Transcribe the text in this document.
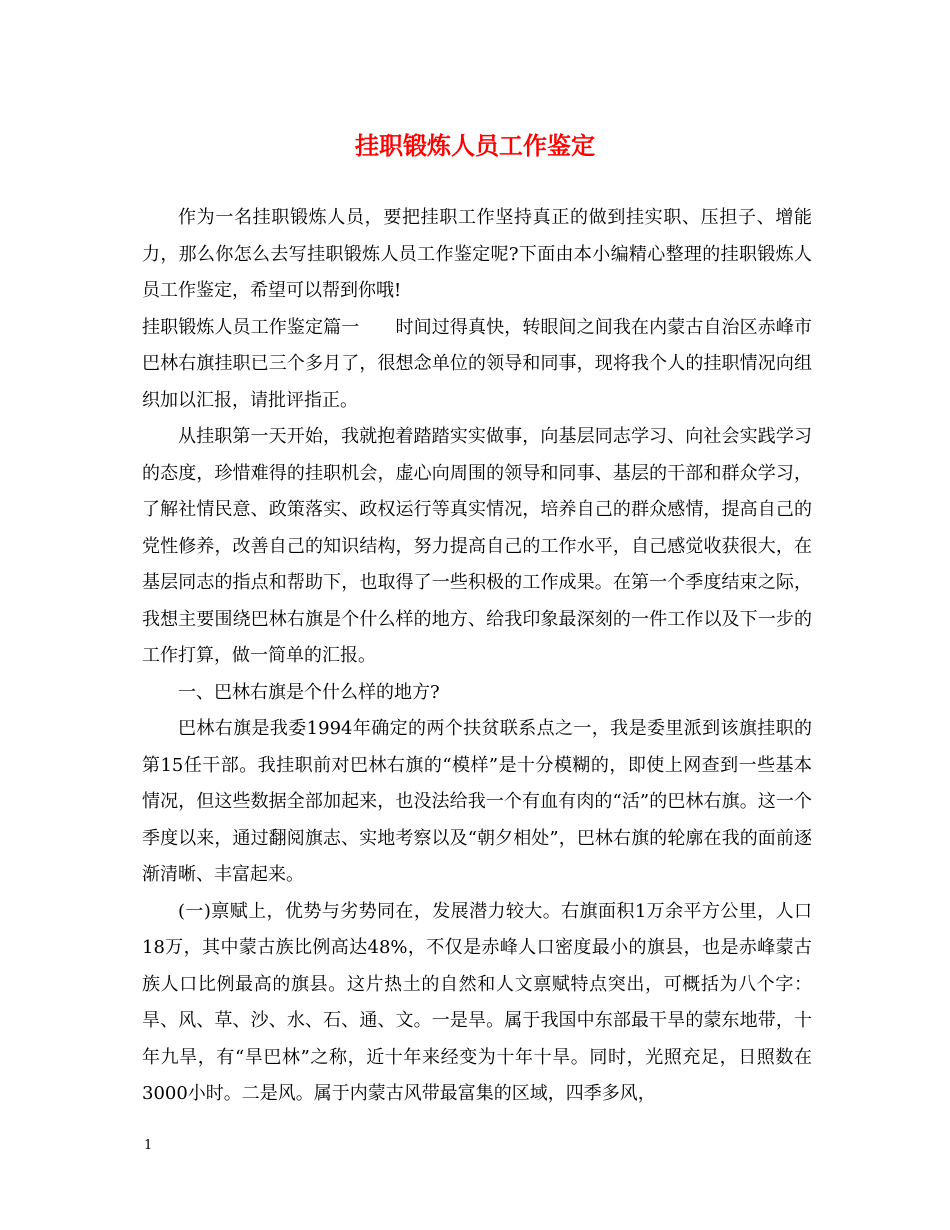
挂职锻炼人员工作鉴定

作为一名挂职锻炼人员，要把挂职工作坚持真正的做到挂实职、压担子、增能力，那么你怎么去写挂职锻炼人员工作鉴定呢?下面由本小编精心整理的挂职锻炼人员工作鉴定，希望可以帮到你哦!

挂职锻炼人员工作鉴定篇一　　时间过得真快，转眼间之间我在内蒙古自治区赤峰市巴林右旗挂职已三个多月了，很想念单位的领导和同事，现将我个人的挂职情况向组织加以汇报，请批评指正。

从挂职第一天开始，我就抱着踏踏实实做事，向基层同志学习、向社会实践学习的态度，珍惜难得的挂职机会，虚心向周围的领导和同事、基层的干部和群众学习，了解社情民意、政策落实、政权运行等真实情况，培养自己的群众感情，提高自己的党性修养，改善自己的知识结构，努力提高自己的工作水平，自己感觉收获很大，在基层同志的指点和帮助下，也取得了一些积极的工作成果。在第一个季度结束之际，我想主要围绕巴林右旗是个什么样的地方、给我印象最深刻的一件工作以及下一步的工作打算，做一简单的汇报。

一、巴林右旗是个什么样的地方?

巴林右旗是我委1994年确定的两个扶贫联系点之一，我是委里派到该旗挂职的第15任干部。我挂职前对巴林右旗的“模样”是十分模糊的，即使上网查到一些基本情况，但这些数据全部加起来，也没法给我一个有血有肉的“活”的巴林右旗。这一个季度以来，通过翻阅旗志、实地考察以及“朝夕相处”，巴林右旗的轮廓在我的面前逐渐清晰、丰富起来。

(一)禀赋上，优势与劣势同在，发展潜力较大。右旗面积1万余平方公里，人口18万，其中蒙古族比例高达48%，不仅是赤峰人口密度最小的旗县，也是赤峰蒙古族人口比例最高的旗县。这片热土的自然和人文禀赋特点突出，可概括为八个字：旱、风、草、沙、水、石、通、文。一是旱。属于我国中东部最干旱的蒙东地带，十年九旱，有“旱巴林”之称，近十年来经变为十年十旱。同时，光照充足，日照数在3000小时。二是风。属于内蒙古风带最富集的区域，四季多风，

1
